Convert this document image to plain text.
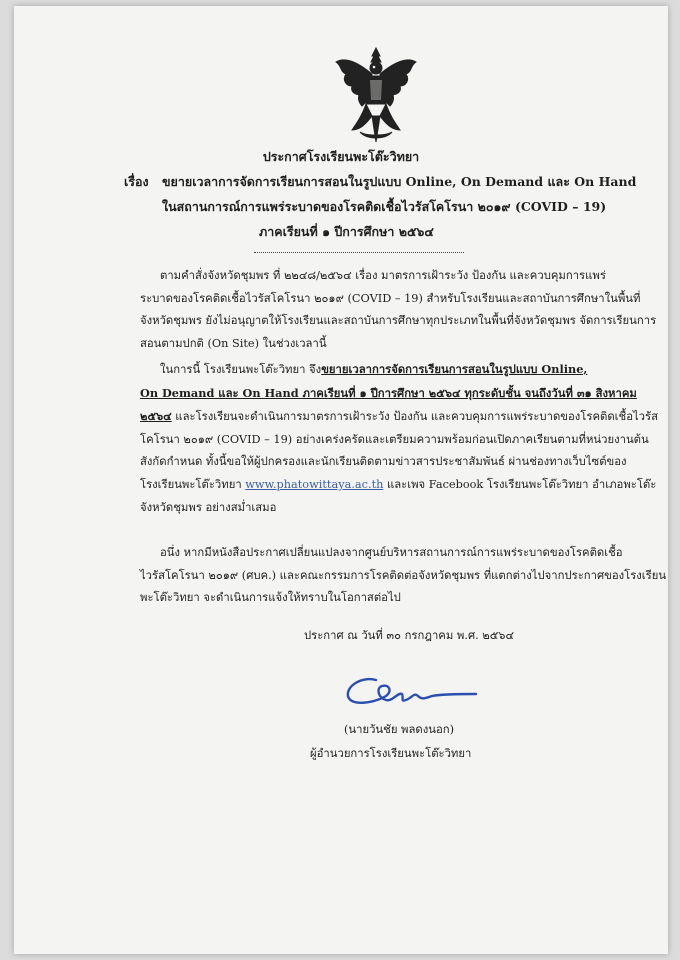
ประกาศโรงเรียนพะโต๊ะวิทยา
เรื่อง ขยายเวลาการจัดการเรียนการสอนในรูปแบบ Online, On Demand และ On Hand
ในสถานการณ์การแพร่ระบาดของโรคติดเชื้อไวรัสโคโรนา ๒๐๑๙ (COVID – 19)
ภาคเรียนที่ ๑ ปีการศึกษา ๒๕๖๔
ตามคำสั่งจังหวัดชุมพร ที่ ๒๒๔๘/๒๕๖๔ เรื่อง มาตรการเฝ้าระวัง ป้องกัน และควบคุมการแพร่
ระบาดของโรคติดเชื้อไวรัสโคโรนา ๒๐๑๙ (COVID – 19) สำหรับโรงเรียนและสถาบันการศึกษาในพื้นที่
จังหวัดชุมพร ยังไม่อนุญาตให้โรงเรียนและสถาบันการศึกษาทุกประเภทในพื้นที่จังหวัดชุมพร จัดการเรียนการ
สอนตามปกติ (On Site) ในช่วงเวลานี้
ในการนี้ โรงเรียนพะโต๊ะวิทยา จึงขยายเวลาการจัดการเรียนการสอนในรูปแบบ Online,
On Demand และ On Hand ภาคเรียนที่ ๑ ปีการศึกษา ๒๕๖๔ ทุกระดับชั้น จนถึงวันที่ ๓๑ สิงหาคม
๒๕๖๔ และโรงเรียนจะดำเนินการมาตรการเฝ้าระวัง ป้องกัน และควบคุมการแพร่ระบาดของโรคติดเชื้อไวรัส
โคโรนา ๒๐๑๙ (COVID – 19) อย่างเคร่งครัดและเตรียมความพร้อมก่อนเปิดภาคเรียนตามที่หน่วยงานต้น
สังกัดกำหนด ทั้งนี้ขอให้ผู้ปกครองและนักเรียนติดตามข่าวสารประชาสัมพันธ์ ผ่านช่องทางเว็บไซต์ของ
โรงเรียนพะโต๊ะวิทยา www.phatowittaya.ac.th และเพจ Facebook โรงเรียนพะโต๊ะวิทยา อำเภอพะโต๊ะ
จังหวัดชุมพร อย่างสม่ำเสมอ
อนึ่ง หากมีหนังสือประกาศเปลี่ยนแปลงจากศูนย์บริหารสถานการณ์การแพร่ระบาดของโรคติดเชื้อ
ไวรัสโคโรนา ๒๐๑๙ (ศบค.) และคณะกรรมการโรคติดต่อจังหวัดชุมพร ที่แตกต่างไปจากประกาศของโรงเรียน
พะโต๊ะวิทยา จะดำเนินการแจ้งให้ทราบในโอกาสต่อไป
ประกาศ ณ วันที่ ๓๐ กรกฎาคม พ.ศ. ๒๕๖๔
(นายวันชัย พลดงนอก)
ผู้อำนวยการโรงเรียนพะโต๊ะวิทยา
